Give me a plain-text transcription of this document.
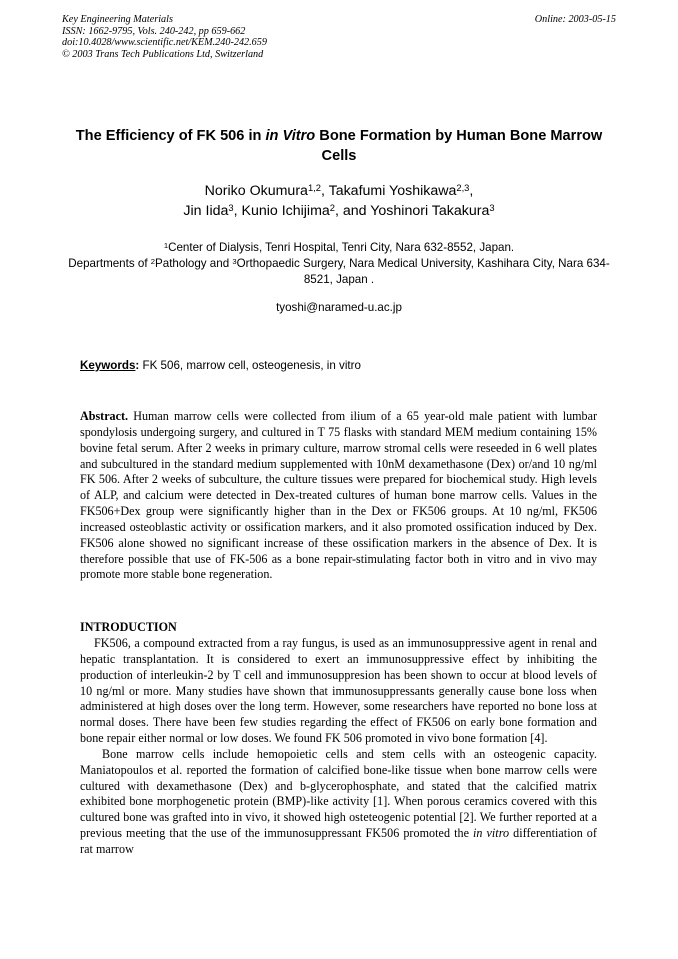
Key Engineering Materials
ISSN: 1662-9795, Vols. 240-242, pp 659-662
doi:10.4028/www.scientific.net/KEM.240-242.659
© 2003 Trans Tech Publications Ltd, Switzerland
Online: 2003-05-15
The Efficiency of FK 506 in in Vitro Bone Formation by Human Bone Marrow Cells
Noriko Okumura$^{1,2}$, Takafumi Yoshikawa$^{2,3}$,
Jin Iida$^3$, Kunio Ichijima$^2$, and Yoshinori Takakura$^3$
$^1$Center of Dialysis, Tenri Hospital, Tenri City, Nara 632-8552, Japan.
Departments of $^2$Pathology and $^3$Orthopaedic Surgery, Nara Medical University, Kashihara City, Nara 634-8521, Japan .
tyoshi@naramed-u.ac.jp
Keywords: FK 506, marrow cell, osteogenesis, in vitro
Abstract. Human marrow cells were collected from ilium of a 65 year-old male patient with lumbar spondylosis undergoing surgery, and cultured in T 75 flasks with standard MEM medium containing 15% bovine fetal serum. After 2 weeks in primary culture, marrow stromal cells were reseeded in 6 well plates and subcultured in the standard medium supplemented with 10nM dexamethasone (Dex) or/and 10 ng/ml FK 506. After 2 weeks of subculture, the culture tissues were prepared for biochemical study. High levels of ALP, and calcium were detected in Dex-treated cultures of human bone marrow cells. Values in the FK506+Dex group were significantly higher than in the Dex or FK506 groups. At 10 ng/ml, FK506 increased osteoblastic activity or ossification markers, and it also promoted ossification induced by Dex. FK506 alone showed no significant increase of these ossification markers in the absence of Dex. It is therefore possible that use of FK-506 as a bone repair-stimulating factor both in vitro and in vivo may promote more stable bone regeneration.
INTRODUCTION

FK506, a compound extracted from a ray fungus, is used as an immunosuppressive agent in renal and hepatic transplantation. It is considered to exert an immunosuppressive effect by inhibiting the production of interleukin-2 by T cell and immunosuppresion has been shown to occur at blood levels of 10 ng/ml or more. Many studies have shown that immunosuppressants generally cause bone loss when administered at high doses over the long term. However, some researchers have reported no bone loss at normal doses. There have been few studies regarding the effect of FK506 on early bone formation and bone repair either normal or low doses. We found FK 506 promoted in vivo bone formation [4].

Bone marrow cells include hemopoietic cells and stem cells with an osteogenic capacity. Maniatopoulos et al. reported the formation of calcified bone-like tissue when bone marrow cells were cultured with dexamethasone (Dex) and b-glycerophosphate, and stated that the calcified matrix exhibited bone morphogenetic protein (BMP)-like activity [1]. When porous ceramics covered with this cultured bone was grafted into in vivo, it showed high osteteogenic potential [2]. We further reported at a previous meeting that the use of the immunosuppressant FK506 promoted the in vitro differentiation of rat marrow
